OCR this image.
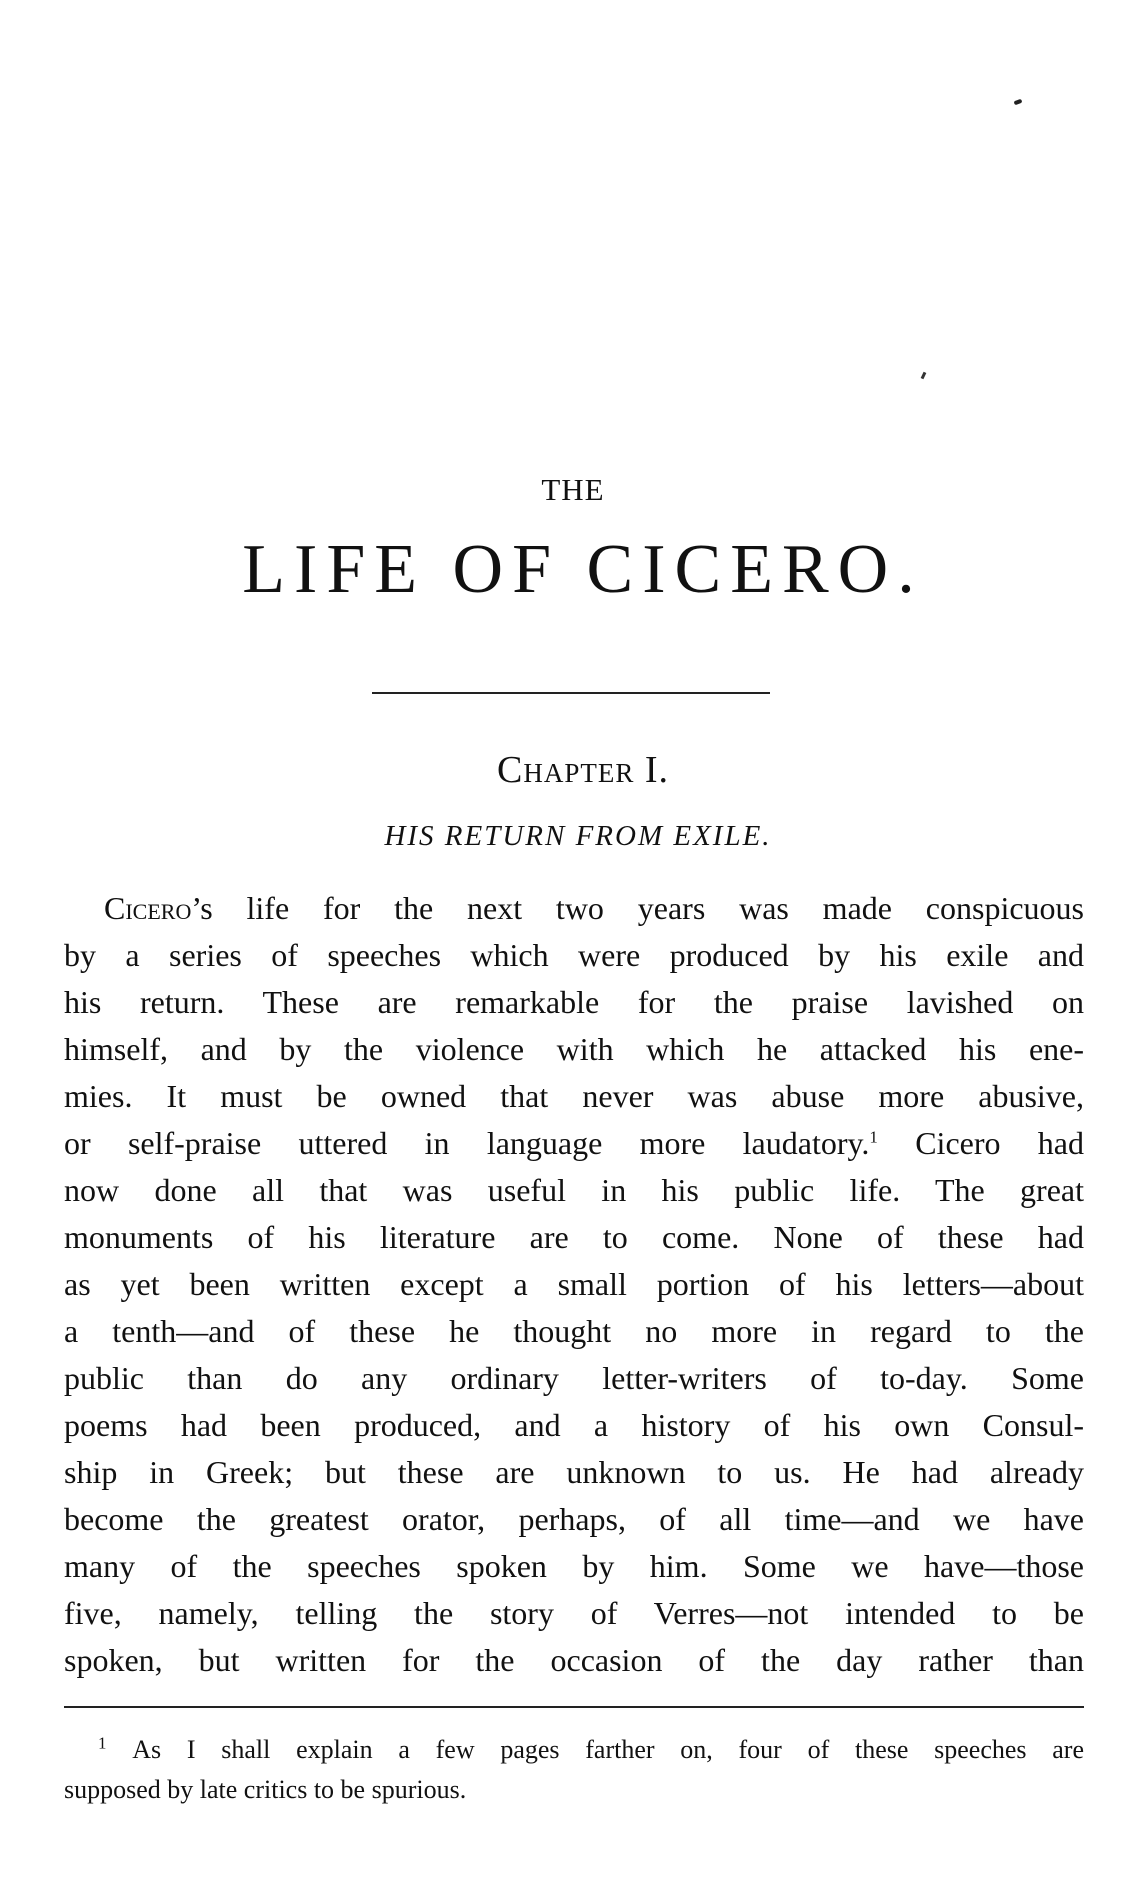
THE
LIFE OF CICERO.
Chapter I.
HIS RETURN FROM EXILE.
Cicero’s life for the next two years was made conspicuous
by a series of speeches which were produced by his exile and
his return. These are remarkable for the praise lavished on
himself, and by the violence with which he attacked his ene-
mies. It must be owned that never was abuse more abusive,
or self-praise uttered in language more laudatory.$^1$ Cicero had
now done all that was useful in his public life. The great
monuments of his literature are to come. None of these had
as yet been written except a small portion of his letters—about
a tenth—and of these he thought no more in regard to the
public than do any ordinary letter-writers of to-day. Some
poems had been produced, and a history of his own Consul-
ship in Greek; but these are unknown to us. He had already
become the greatest orator, perhaps, of all time—and we have
many of the speeches spoken by him. Some we have—those
five, namely, telling the story of Verres—not intended to be
spoken, but written for the occasion of the day rather than
$^1$ As I shall explain a few pages farther on, four of these speeches are
supposed by late critics to be spurious.
